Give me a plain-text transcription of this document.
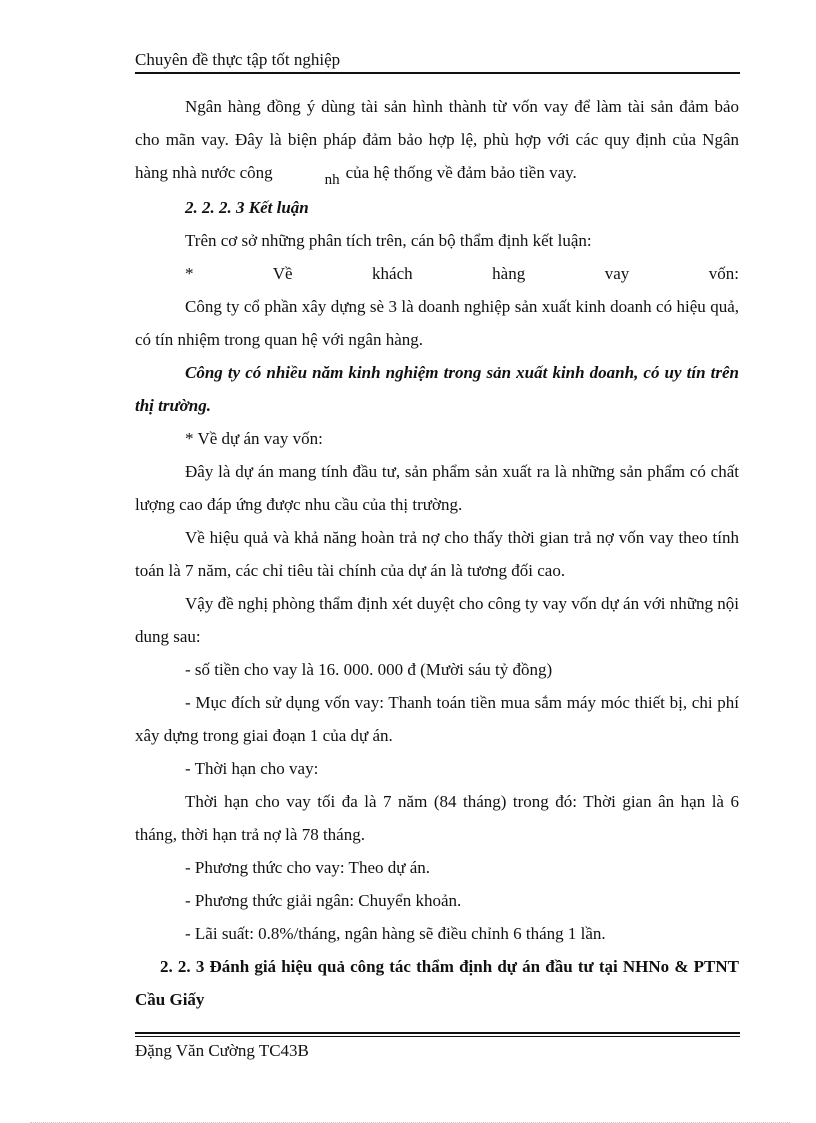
Chuyên đề thực tập tốt nghiệp

Ngân hàng đồng ý dùng tài sản hình thành từ vốn vay để làm tài sản đảm bảo cho mãn vay. Đây là biện pháp đảm bảo hợp lệ, phù hợp với các quy định của Ngân hàng nhà nước công	nh của hệ thống về đảm bảo tiền vay.

2. 2. 2. 3 Kết luận

Trên cơ sở những phân tích trên, cán bộ thẩm định kết luận:

* Về khách hàng vay vốn:

Công ty cổ phần xây dựng sè 3 là doanh nghiệp sản xuất kinh doanh có hiệu quả, có tín nhiệm trong quan hệ với ngân hàng.

Công ty có nhiều năm kinh nghiệm trong sản xuất kinh doanh, có uy tín trên thị trường.

* Về dự án vay vốn:

Đây là dự án mang tính đầu tư, sản phẩm sản xuất ra là những sản phẩm có chất lượng cao đáp ứng được nhu cầu của thị trường.

Về hiệu quả và khả năng hoàn trả nợ cho thấy thời gian trả nợ vốn vay theo tính toán là 7 năm, các chỉ tiêu tài chính của dự án là tương đối cao.

Vậy đề nghị phòng thẩm định xét duyệt cho công ty vay vốn dự án với những nội dung sau:

- số tiền cho vay là 16. 000. 000 đ (Mười sáu tỷ đồng)

- Mục đích sử dụng vốn vay: Thanh toán tiền mua sắm máy móc thiết bị, chi phí xây dựng trong giai đoạn 1 của dự án.

- Thời hạn cho vay:

Thời hạn cho vay tối đa là 7 năm (84 tháng) trong đó: Thời gian ân hạn là 6 tháng, thời hạn trả nợ là 78 tháng.

- Phương thức cho vay: Theo dự án.

- Phương thức giải ngân: Chuyển khoản.

- Lãi suất: 0.8%/tháng, ngân hàng sẽ điều chỉnh 6 tháng 1 lần.

2. 2. 3 Đánh giá hiệu quả công tác thẩm định dự án đầu tư tại NHNo & PTNT Cầu Giấy

Đặng Văn Cường TC43B
